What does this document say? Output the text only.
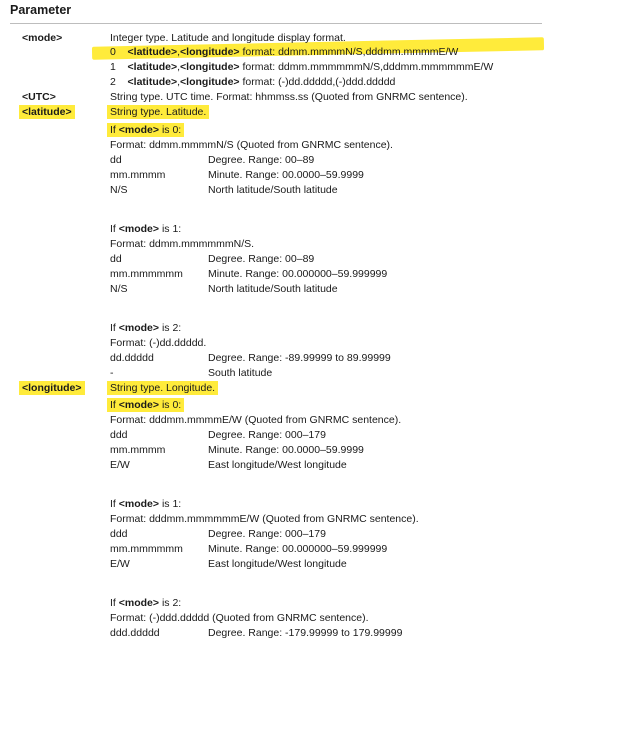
Parameter
<mode>	Integer type. Latitude and longitude display format.
0 <latitude>,<longitude> format: ddmm.mmmmN/S,dddmm.mmmmE/W
1 <latitude>,<longitude> format: ddmm.mmmmmmN/S,dddmm.mmmmmmE/W
2 <latitude>,<longitude> format: (-)dd.ddddd,(-)ddd.ddddd
<UTC>	String type. UTC time. Format: hhmmss.ss (Quoted from GNRMC sentence).
<latitude>	String type. Latitude.
If <mode> is 0:
Format: ddmm.mmmmN/S (Quoted from GNRMC sentence).
dd	Degree. Range: 00–89
mm.mmmm	Minute. Range: 00.0000–59.9999
N/S	North latitude/South latitude
If <mode> is 1:
Format: ddmm.mmmmmmN/S.
dd	Degree. Range: 00–89
mm.mmmmmm Minute. Range: 00.000000–59.999999
N/S	North latitude/South latitude
If <mode> is 2:
Format: (-)dd.ddddd.
dd.ddddd	Degree. Range: -89.99999 to 89.99999
-	South latitude
<longitude>	String type. Longitude.
If <mode> is 0:
Format: dddmm.mmmmE/W (Quoted from GNRMC sentence).
ddd	Degree. Range: 000–179
mm.mmmm	Minute. Range: 00.0000–59.9999
E/W	East longitude/West longitude
If <mode> is 1:
Format: dddmm.mmmmmmE/W (Quoted from GNRMC sentence).
ddd	Degree. Range: 000–179
mm.mmmmmm Minute. Range: 00.000000–59.999999
E/W	East longitude/West longitude
If <mode> is 2:
Format: (-)ddd.ddddd (Quoted from GNRMC sentence).
ddd.ddddd	Degree. Range: -179.99999 to 179.99999
